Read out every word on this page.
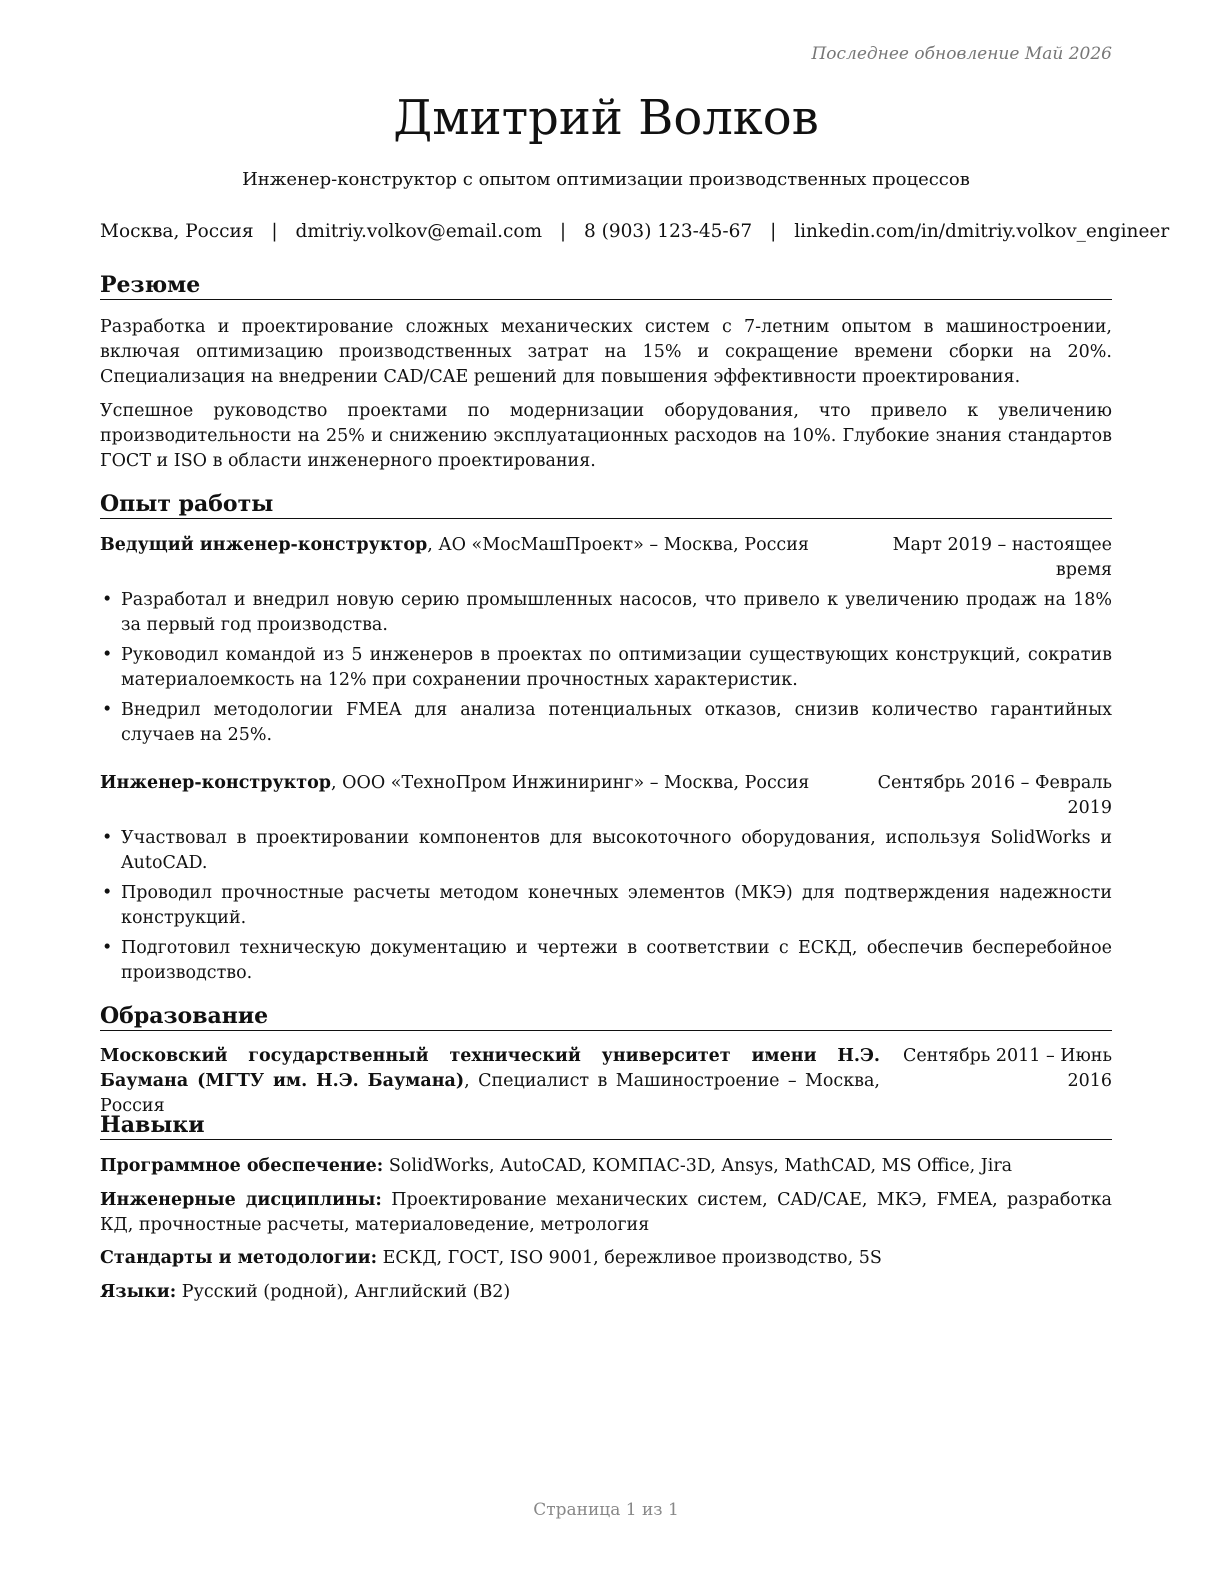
Последнее обновление Май 2026
Дмитрий Волков
Инженер-конструктор с опытом оптимизации производственных процессов
Москва, Россия | dmitriy.volkov@email.com | 8 (903) 123-45-67 | linkedin.com/in/dmitriy.volkov_engineer
Резюме
Разработка и проектирование сложных механических систем с 7-летним опытом в машиностроении, включая оптимизацию производственных затрат на 15% и сокращение времени сборки на 20%. Специализация на внедрении CAD/CAE решений для повышения эффективности проектирования.
Успешное руководство проектами по модернизации оборудования, что привело к увеличению производительности на 25% и снижению эксплуатационных расходов на 10%. Глубокие знания стандартов ГОСТ и ISO в области инженерного проектирования.
Опыт работы
Ведущий инженер-конструктор, АО «МосМашПроект» – Москва, Россия	Март 2019 – настоящее время
• Разработал и внедрил новую серию промышленных насосов, что привело к увеличению продаж на 18% за первый год производства.
• Руководил командой из 5 инженеров в проектах по оптимизации существующих конструкций, сократив материалоемкость на 12% при сохранении прочностных характеристик.
• Внедрил методологии FMEA для анализа потенциальных отказов, снизив количество гарантийных случаев на 25%.
Инженер-конструктор, ООО «ТехноПром Инжиниринг» – Москва, Россия	Сентябрь 2016 – Февраль 2019
• Участвовал в проектировании компонентов для высокоточного оборудования, используя SolidWorks и AutoCAD.
• Проводил прочностные расчеты методом конечных элементов (МКЭ) для подтверждения надежности конструкций.
• Подготовил техническую документацию и чертежи в соответствии с ЕСКД, обеспечив бесперебойное производство.
Образование
Московский государственный технический университет имени Н.Э. Баумана (МГТУ им. Н.Э. Баумана), Специалист в Машиностроение – Москва, Россия
Сентябрь 2011 – Июнь 2016
Навыки
Программное обеспечение: SolidWorks, AutoCAD, КОМПАС-3D, Ansys, MathCAD, MS Office, Jira
Инженерные дисциплины: Проектирование механических систем, CAD/CAE, МКЭ, FMEA, разработка КД, прочностные расчеты, материаловедение, метрология
Стандарты и методологии: ЕСКД, ГОСТ, ISO 9001, бережливое производство, 5S
Языки: Русский (родной), Английский (B2)
Страница 1 из 1
